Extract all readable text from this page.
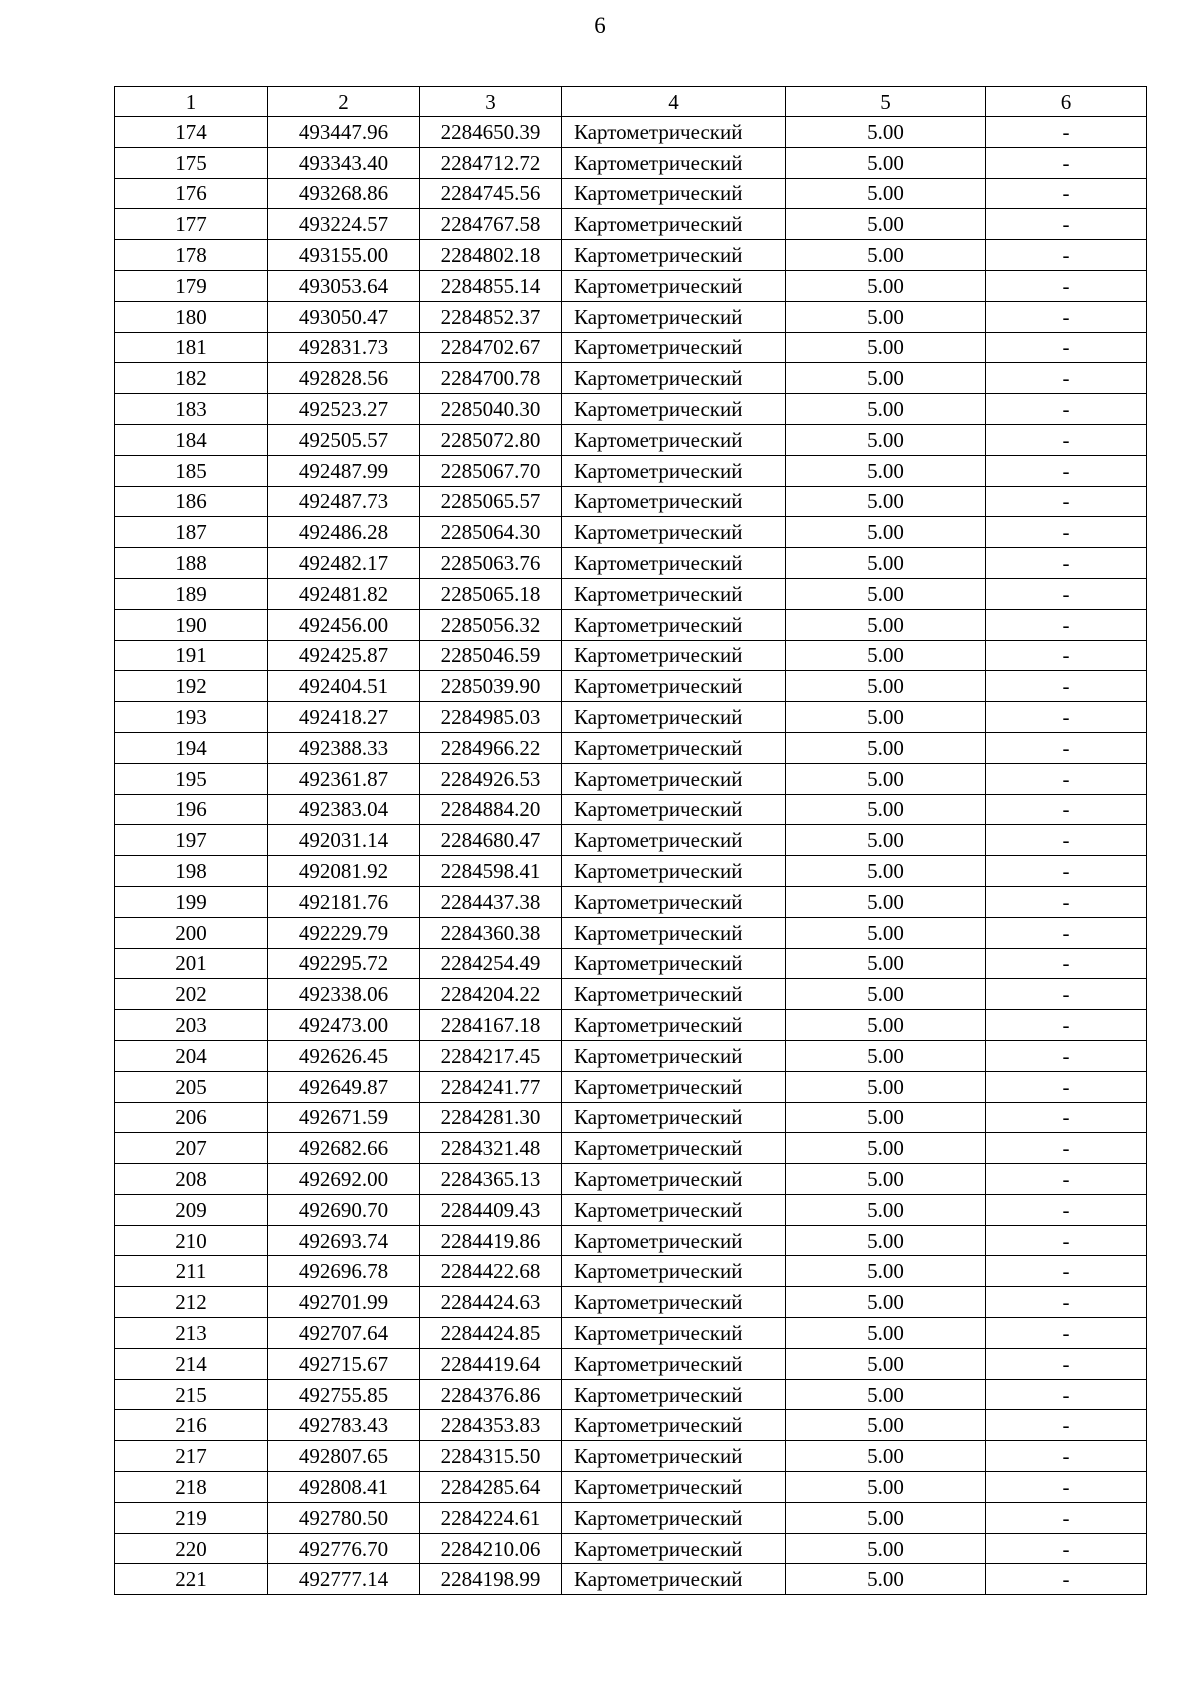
6
1	2	3	4	5	6
174	493447.96	2284650.39	Картометрический	5.00	-
175	493343.40	2284712.72	Картометрический	5.00	-
176	493268.86	2284745.56	Картометрический	5.00	-
177	493224.57	2284767.58	Картометрический	5.00	-
178	493155.00	2284802.18	Картометрический	5.00	-
179	493053.64	2284855.14	Картометрический	5.00	-
180	493050.47	2284852.37	Картометрический	5.00	-
181	492831.73	2284702.67	Картометрический	5.00	-
182	492828.56	2284700.78	Картометрический	5.00	-
183	492523.27	2285040.30	Картометрический	5.00	-
184	492505.57	2285072.80	Картометрический	5.00	-
185	492487.99	2285067.70	Картометрический	5.00	-
186	492487.73	2285065.57	Картометрический	5.00	-
187	492486.28	2285064.30	Картометрический	5.00	-
188	492482.17	2285063.76	Картометрический	5.00	-
189	492481.82	2285065.18	Картометрический	5.00	-
190	492456.00	2285056.32	Картометрический	5.00	-
191	492425.87	2285046.59	Картометрический	5.00	-
192	492404.51	2285039.90	Картометрический	5.00	-
193	492418.27	2284985.03	Картометрический	5.00	-
194	492388.33	2284966.22	Картометрический	5.00	-
195	492361.87	2284926.53	Картометрический	5.00	-
196	492383.04	2284884.20	Картометрический	5.00	-
197	492031.14	2284680.47	Картометрический	5.00	-
198	492081.92	2284598.41	Картометрический	5.00	-
199	492181.76	2284437.38	Картометрический	5.00	-
200	492229.79	2284360.38	Картометрический	5.00	-
201	492295.72	2284254.49	Картометрический	5.00	-
202	492338.06	2284204.22	Картометрический	5.00	-
203	492473.00	2284167.18	Картометрический	5.00	-
204	492626.45	2284217.45	Картометрический	5.00	-
205	492649.87	2284241.77	Картометрический	5.00	-
206	492671.59	2284281.30	Картометрический	5.00	-
207	492682.66	2284321.48	Картометрический	5.00	-
208	492692.00	2284365.13	Картометрический	5.00	-
209	492690.70	2284409.43	Картометрический	5.00	-
210	492693.74	2284419.86	Картометрический	5.00	-
211	492696.78	2284422.68	Картометрический	5.00	-
212	492701.99	2284424.63	Картометрический	5.00	-
213	492707.64	2284424.85	Картометрический	5.00	-
214	492715.67	2284419.64	Картометрический	5.00	-
215	492755.85	2284376.86	Картометрический	5.00	-
216	492783.43	2284353.83	Картометрический	5.00	-
217	492807.65	2284315.50	Картометрический	5.00	-
218	492808.41	2284285.64	Картометрический	5.00	-
219	492780.50	2284224.61	Картометрический	5.00	-
220	492776.70	2284210.06	Картометрический	5.00	-
221	492777.14	2284198.99	Картометрический	5.00	-
